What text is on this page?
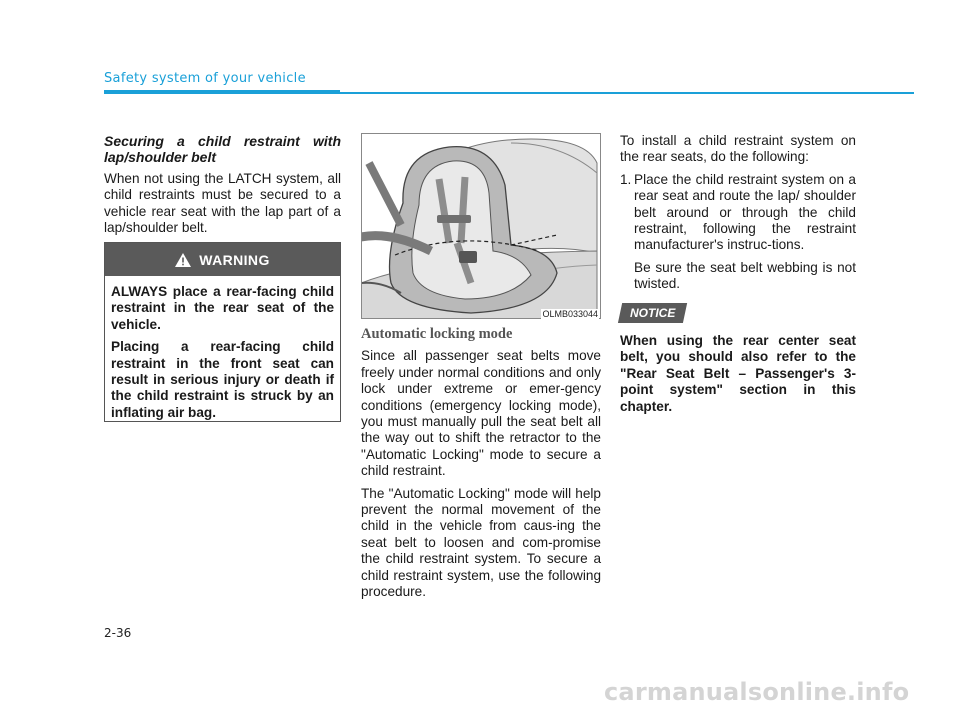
Safety system of your vehicle

Securing a child restraint with lap/shoulder belt

When not using the LATCH system, all child restraints must be secured to a vehicle rear seat with the lap part of a lap/shoulder belt.

WARNING

ALWAYS place a rear-facing child restraint in the rear seat of the vehicle.

Placing a rear-facing child restraint in the front seat can result in serious injury or death if the child restraint is struck by an inflating air bag.

OLMB033044

Automatic locking mode

Since all passenger seat belts move freely under normal conditions and only lock under extreme or emer-gency conditions (emergency locking mode), you must manually pull the seat belt all the way out to shift the retractor to the "Automatic Locking" mode to secure a child restraint.

The "Automatic Locking" mode will help prevent the normal movement of the child in the vehicle from caus-ing the seat belt to loosen and com-promise the child restraint system. To secure a child restraint system, use the following procedure.

To install a child restraint system on the rear seats, do the following:

1. Place the child restraint system on a rear seat and route the lap/ shoulder belt around or through the child restraint, following the restraint manufacturer's instruc-tions.

Be sure the seat belt webbing is not twisted.

NOTICE

When using the rear center seat belt, you should also refer to the "Rear Seat Belt – Passenger's 3-point system" section in this chapter.

2-36
carmanualsonline.info
